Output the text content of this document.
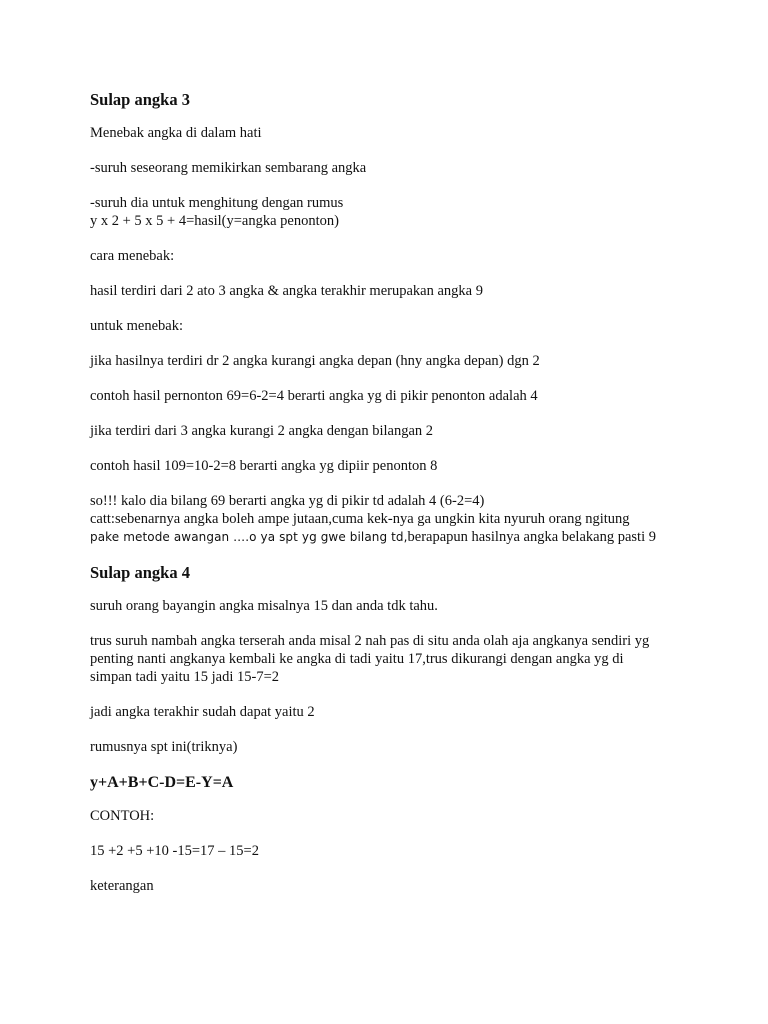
Sulap angka 3

Menebak angka di dalam hati

-suruh seseorang memikirkan sembarang angka

-suruh dia untuk menghitung dengan rumus

y x 2 + 5 x 5 + 4=hasil(y=angka penonton)

cara menebak:

hasil terdiri dari 2 ato 3 angka & angka terakhir merupakan angka 9

untuk menebak:

jika hasilnya terdiri dr 2 angka kurangi angka depan (hny angka depan) dgn 2

contoh hasil pernonton 69=6-2=4 berarti angka yg di pikir penonton adalah 4

jika terdiri dari 3 angka kurangi 2 angka dengan bilangan 2

contoh hasil 109=10-2=8 berarti angka yg dipiir penonton 8

so!!! kalo dia bilang 69 berarti angka yg di pikir td adalah 4 (6-2=4)

catt:sebenarnya angka boleh ampe jutaan,cuma kek-nya ga ungkin kita nyuruh orang ngitung

pake metode awangan ….o ya spt yg gwe bilang td,berapapun hasilnya angka belakang pasti 9

Sulap angka 4

suruh orang bayangin angka misalnya 15 dan anda tdk tahu.

trus suruh nambah angka terserah anda misal 2 nah pas di situ anda olah aja angkanya sendiri yg

penting nanti angkanya kembali ke angka di tadi yaitu 17,trus dikurangi dengan angka yg di

simpan tadi yaitu 15 jadi 15-7=2

jadi angka terakhir sudah dapat yaitu 2

rumusnya spt ini(triknya)

y+A+B+C-D=E-Y=A

CONTOH:

15 +2 +5 +10 -15=17 – 15=2

keterangan
